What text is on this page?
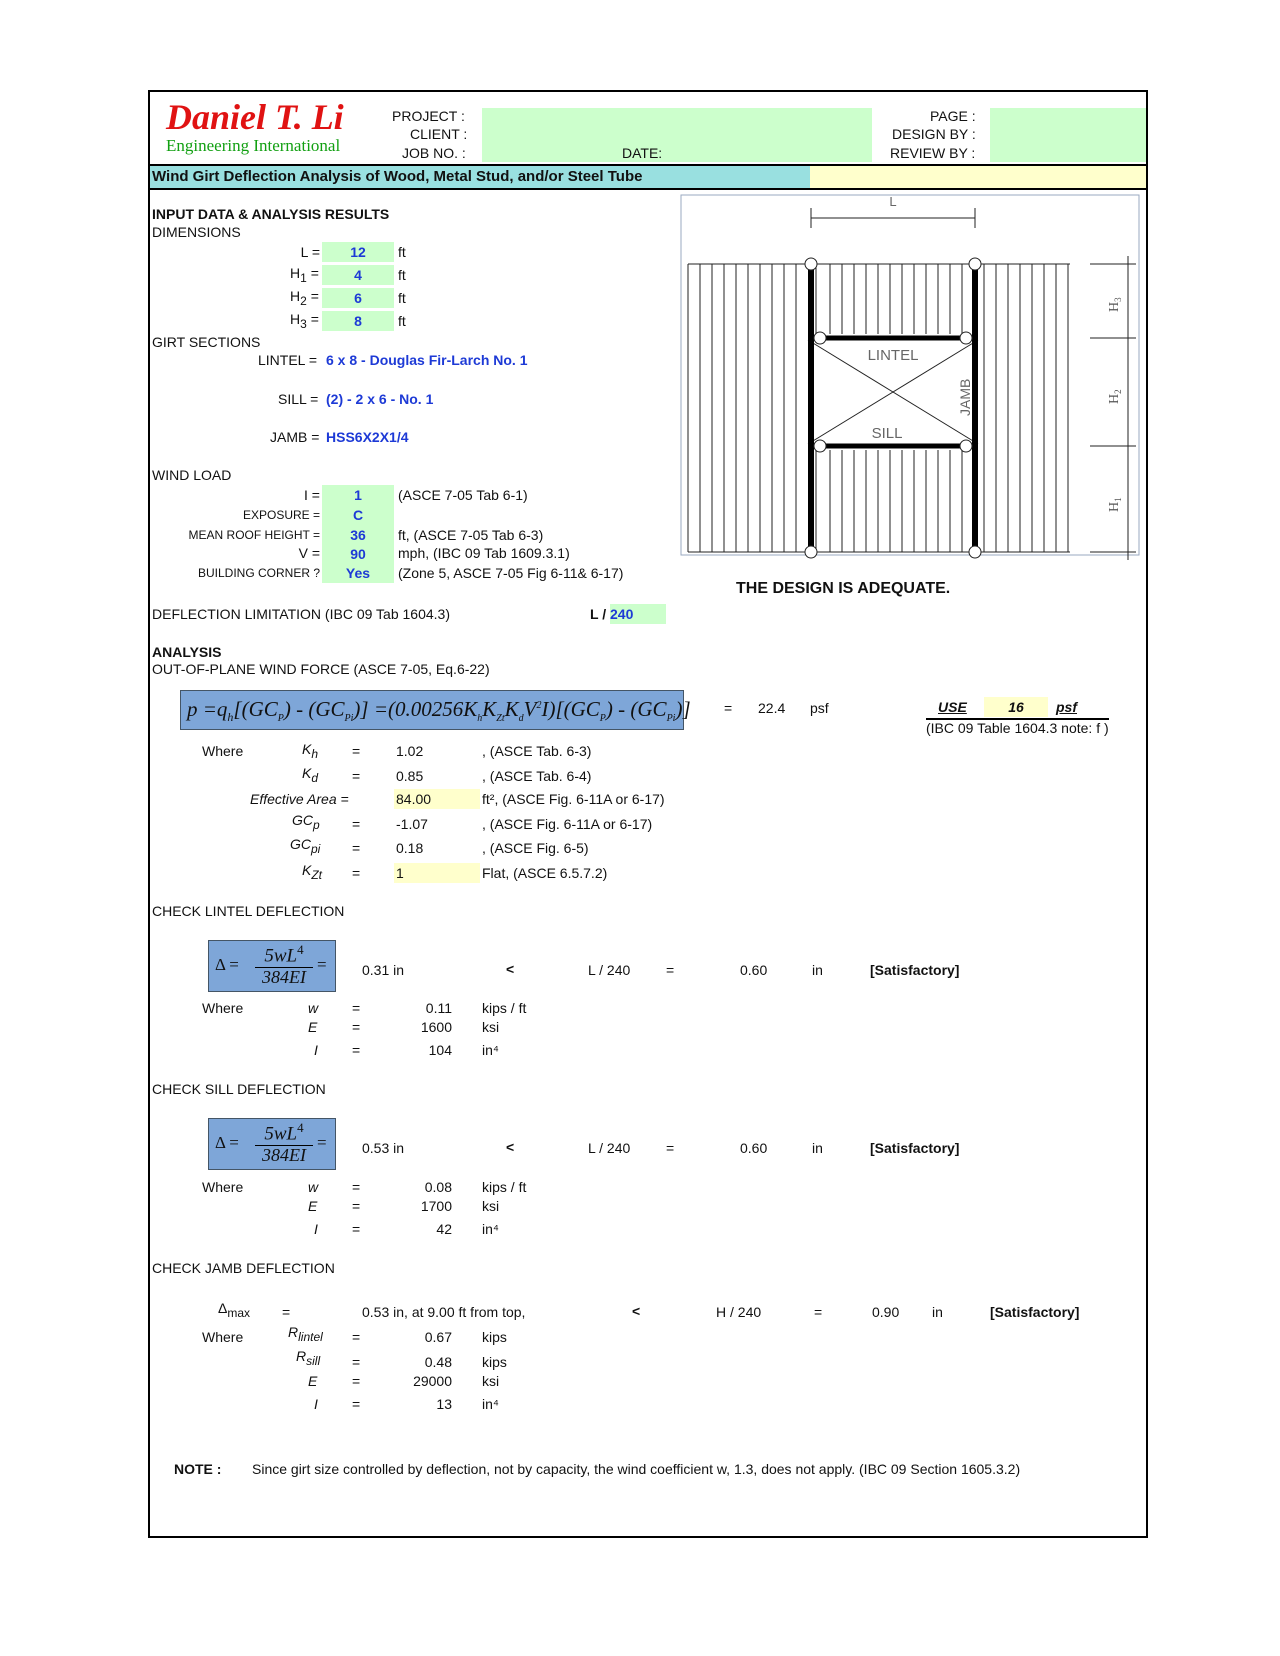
Daniel T. Li
Engineering International
PROJECT :
CLIENT :
JOB NO. :	DATE:
PAGE :
DESIGN BY :
REVIEW BY :
Wind Girt Deflection Analysis of Wood, Metal Stud, and/or Steel Tube
INPUT DATA & ANALYSIS RESULTS
DIMENSIONS
L =	12	ft
$H_1$ =	4	ft
$H_2$ =	6	ft
$H_3$ =	8	ft
GIRT SECTIONS
LINTEL = 6 x 8 - Douglas Fir-Larch No. 1
SILL = (2) - 2 x 6 - No. 1
JAMB = HSS6X2X1/4
WIND LOAD
I =	1	(ASCE 7-05 Tab 6-1)
EXPOSURE =	C
MEAN ROOF HEIGHT =	36	ft, (ASCE 7-05 Tab 6-3)
V =	90	mph, (IBC 09 Tab 1609.3.1)
BUILDING CORNER ?	Yes	(Zone 5, ASCE 7-05 Fig 6-11& 6-17)
DEFLECTION LIMITATION (IBC 09 Tab 1604.3)	L / 240
L
LINTEL
SILL
JAMB
$H_3$
$H_2$
$H_1$
THE DESIGN IS ADEQUATE.
ANALYSIS
OUT-OF-PLANE WIND FORCE (ASCE 7-05, Eq.6-22)
$p =q_h[(GC_P) - (GC_{Pi})] =(0.00256K_hK_{Zt}K_dV^2I)[(GC_P) - (GC_{Pi})] = 22.4$ psf	USE	16	psf
(IBC 09 Table 1604.3 note: f )
Where	$K_h$ =	1.02	, (ASCE Tab. 6-3)
$K_d$ =	0.85	, (ASCE Tab. 6-4)
Effective Area =	84.00	ft², (ASCE Fig. 6-11A or 6-17)
$GC_p$ =	-1.07	, (ASCE Fig. 6-11A or 6-17)
$GC_{pi}$ =	0.18	, (ASCE Fig. 6-5)
$K_{Zt}$ =	1	Flat, (ASCE 6.5.7.2)
CHECK LINTEL DEFLECTION
Δ =	$5wL^4$
384EI
=	0.31 in	<	L / 240	=	0.60	in	[Satisfactory]
Where	w =	0.11 kips / ft
E =	1600 ksi
I =	104 in⁴
CHECK SILL DEFLECTION
Δ =	$5wL^4$
384EI
=	0.53 in	<	L / 240	=	0.60	in	[Satisfactory]
Where	w =	0.08 kips / ft
E =	1700 ksi
I =	42 in⁴
CHECK JAMB DEFLECTION
$\Delta_{max}$ =	0.53 in, at 9.00 ft from top,	<	H / 240	=	0.90 in	[Satisfactory]
Where	$R_{lintel}$ =	0.67 kips
$R_{sill}$ =	0.48 kips
E =	29000 ksi
I =	13 in⁴
NOTE : Since girt size controlled by deflection, not by capacity, the wind coefficient w, 1.3, does not apply. (IBC 09 Section 1605.3.2)
